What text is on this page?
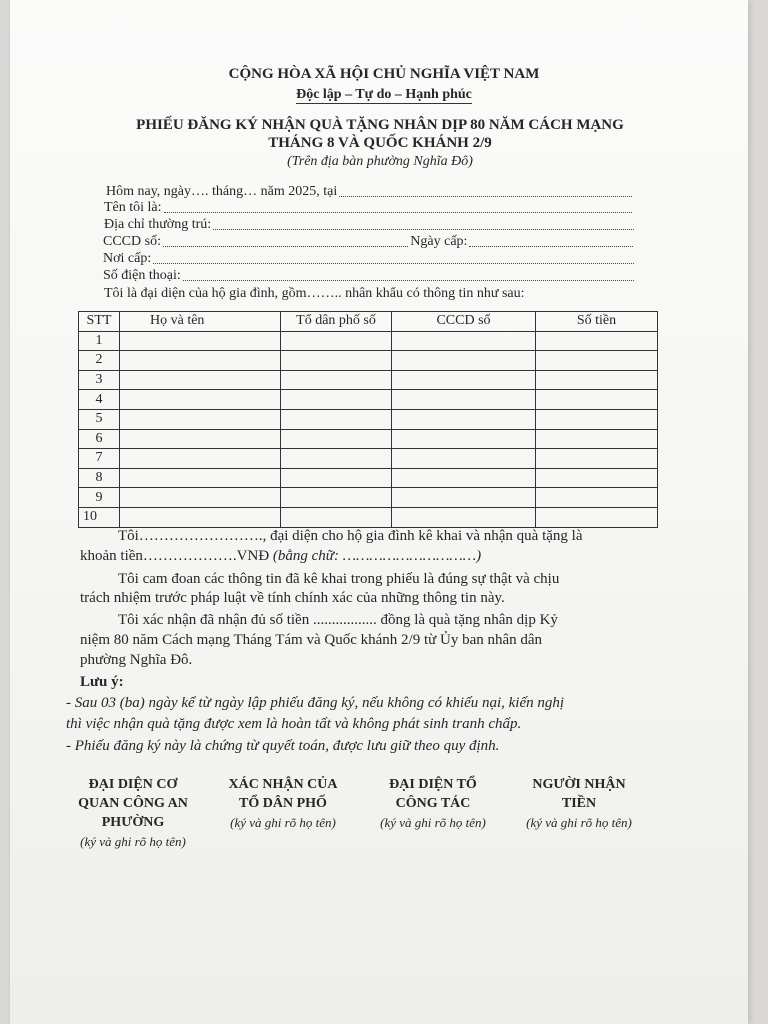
CỘNG HÒA XÃ HỘI CHỦ NGHĨA VIỆT NAM
Độc lập – Tự do – Hạnh phúc
PHIẾU ĐĂNG KÝ NHẬN QUÀ TẶNG NHÂN DỊP 80 NĂM CÁCH MẠNG
THÁNG 8 VÀ QUỐC KHÁNH 2/9
(Trên địa bàn phường Nghĩa Đô)
Hôm nay, ngày…. tháng… năm 2025, tại
Tên tôi là:
Địa chỉ thường trú:
CCCD số:	Ngày cấp:
Nơi cấp:
Số điện thoại:
Tôi là đại diện của hộ gia đình, gồm…….. nhân khẩu có thông tin như sau:
STT	Họ và tên	Tổ dân phố số	CCCD số	Số tiền
1				
2				
3				
4				
5				
6				
7				
8				
9				
10				
Tôi……………………., đại diện cho hộ gia đình kê khai và nhận quà tặng là
khoản tiền……………….VNĐ (bằng chữ: …………………………)
Tôi cam đoan các thông tin đã kê khai trong phiếu là đúng sự thật và chịu
trách nhiệm trước pháp luật về tính chính xác của những thông tin này.
Tôi xác nhận đã nhận đủ số tiền ................. đồng là quà tặng nhân dịp Kỷ
niệm 80 năm Cách mạng Tháng Tám và Quốc khánh 2/9 từ Ủy ban nhân dân
phường Nghĩa Đô.
Lưu ý:
- Sau 03 (ba) ngày kể từ ngày lập phiếu đăng ký, nếu không có khiếu nại, kiến nghị
thì việc nhận quà tặng được xem là hoàn tất và không phát sinh tranh chấp.
- Phiếu đăng ký này là chứng từ quyết toán, được lưu giữ theo quy định.
ĐẠI DIỆN CƠ
QUAN CÔNG AN
PHƯỜNG
(ký và ghi rõ họ tên)
XÁC NHẬN CỦA
TỔ DÂN PHỐ
(ký và ghi rõ họ tên)
ĐẠI DIỆN TỔ
CÔNG TÁC
(ký và ghi rõ họ tên)
NGƯỜI NHẬN
TIỀN
(ký và ghi rõ họ tên)
